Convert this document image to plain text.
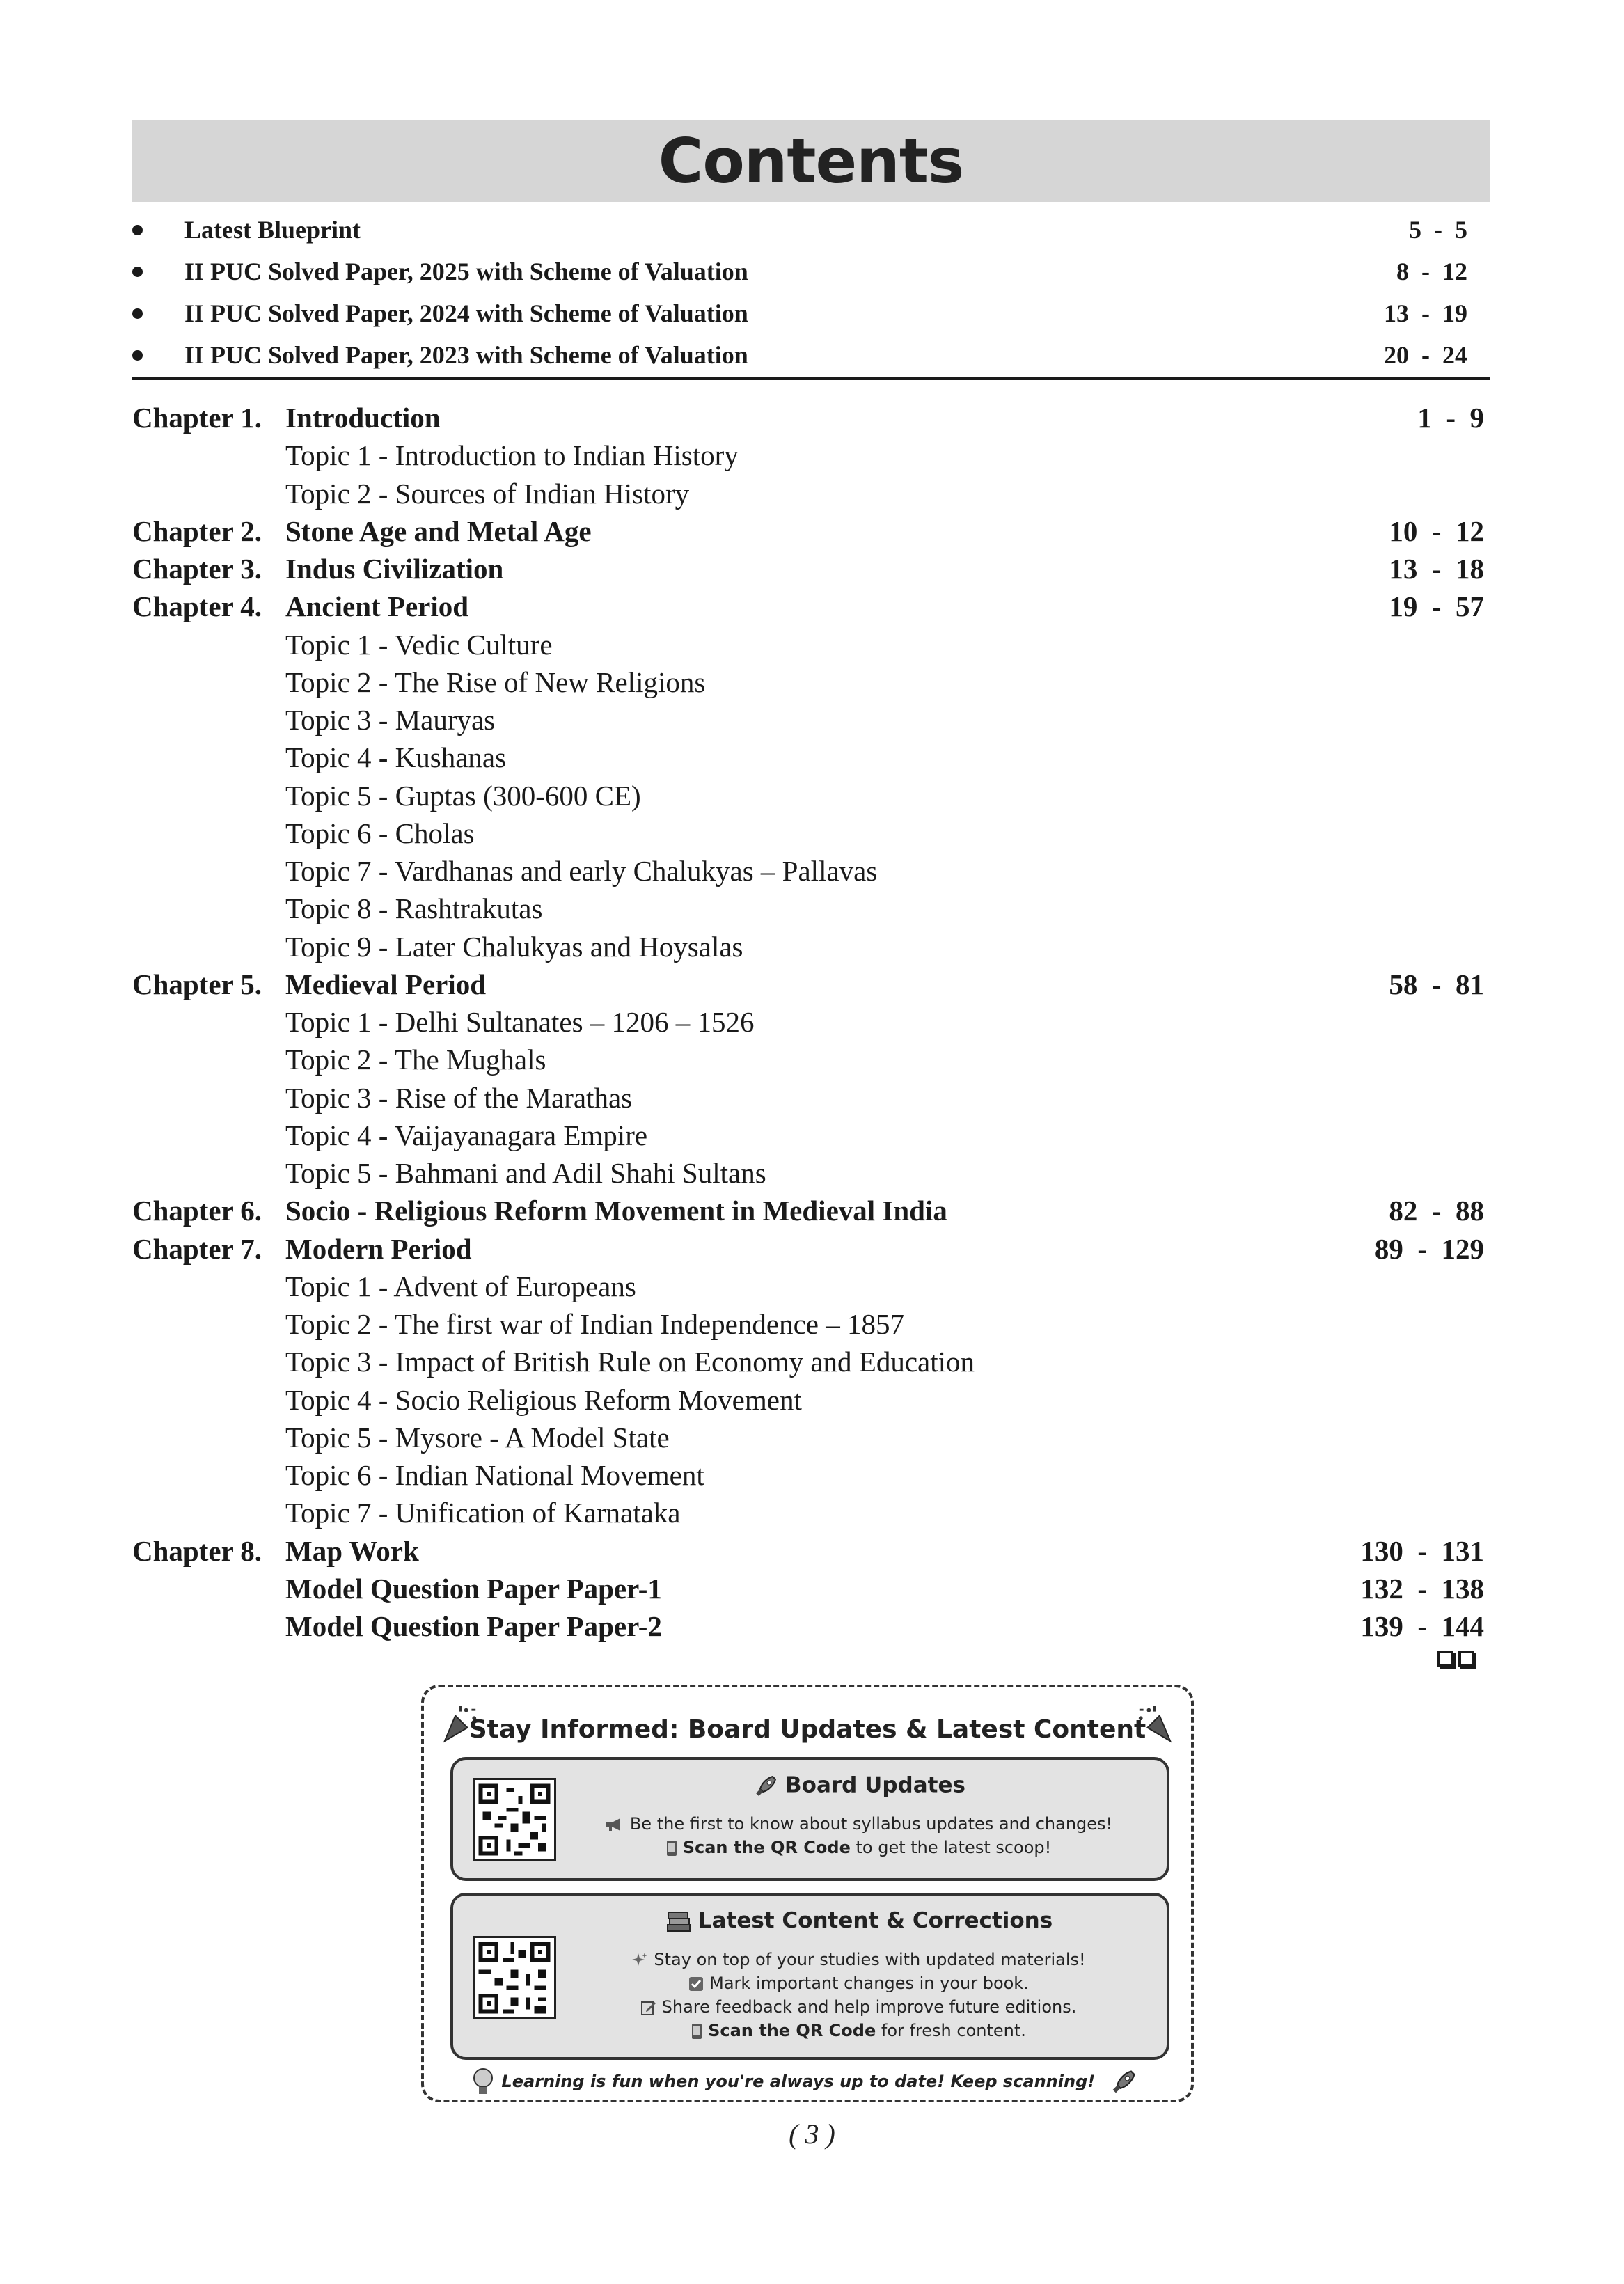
Contents
Latest Blueprint	5  -  5
II PUC Solved Paper, 2025 with Scheme of Valuation	8  -  12
II PUC Solved Paper, 2024 with Scheme of Valuation	13  -  19
II PUC Solved Paper, 2023 with Scheme of Valuation	20  -  24
Chapter 1. Introduction	1  -  9
Topic 1 - Introduction to Indian History
Topic 2 - Sources of Indian History
Chapter 2. Stone Age and Metal Age	10  -  12
Chapter 3. Indus Civilization	13  -  18
Chapter 4. Ancient Period	19  -  57
Topic 1 - Vedic Culture
Topic 2 - The Rise of New Religions
Topic 3 - Mauryas
Topic 4 - Kushanas
Topic 5 - Guptas (300-600 CE)
Topic 6 - Cholas
Topic 7 - Vardhanas and early Chalukyas – Pallavas
Topic 8 - Rashtrakutas
Topic 9 - Later Chalukyas and Hoysalas
Chapter 5. Medieval Period	58  -  81
Topic 1 - Delhi Sultanates – 1206 – 1526
Topic 2 - The Mughals
Topic 3 - Rise of the Marathas
Topic 4 - Vaijayanagara Empire
Topic 5 - Bahmani and Adil Shahi Sultans
Chapter 6. Socio - Religious Reform Movement in Medieval India	82  -  88
Chapter 7. Modern Period	89  -  129
Topic 1 - Advent of Europeans
Topic 2 - The first war of Indian Independence – 1857
Topic 3 - Impact of British Rule on Economy and Education
Topic 4 - Socio Religious Reform Movement
Topic 5 - Mysore - A Model State
Topic 6 - Indian National Movement
Topic 7 - Unification of Karnataka
Chapter 8. Map Work	130  -  131
Model Question Paper Paper-1	132  -  138
Model Question Paper Paper-2	139  -  144
Stay Informed: Board Updates & Latest Content
Board Updates
Be the first to know about syllabus updates and changes!
Scan the QR Code to get the latest scoop!
Latest Content & Corrections
Stay on top of your studies with updated materials!
Mark important changes in your book.
Share feedback and help improve future editions.
Scan the QR Code for fresh content.
Learning is fun when you're always up to date! Keep scanning!
( 3 )
